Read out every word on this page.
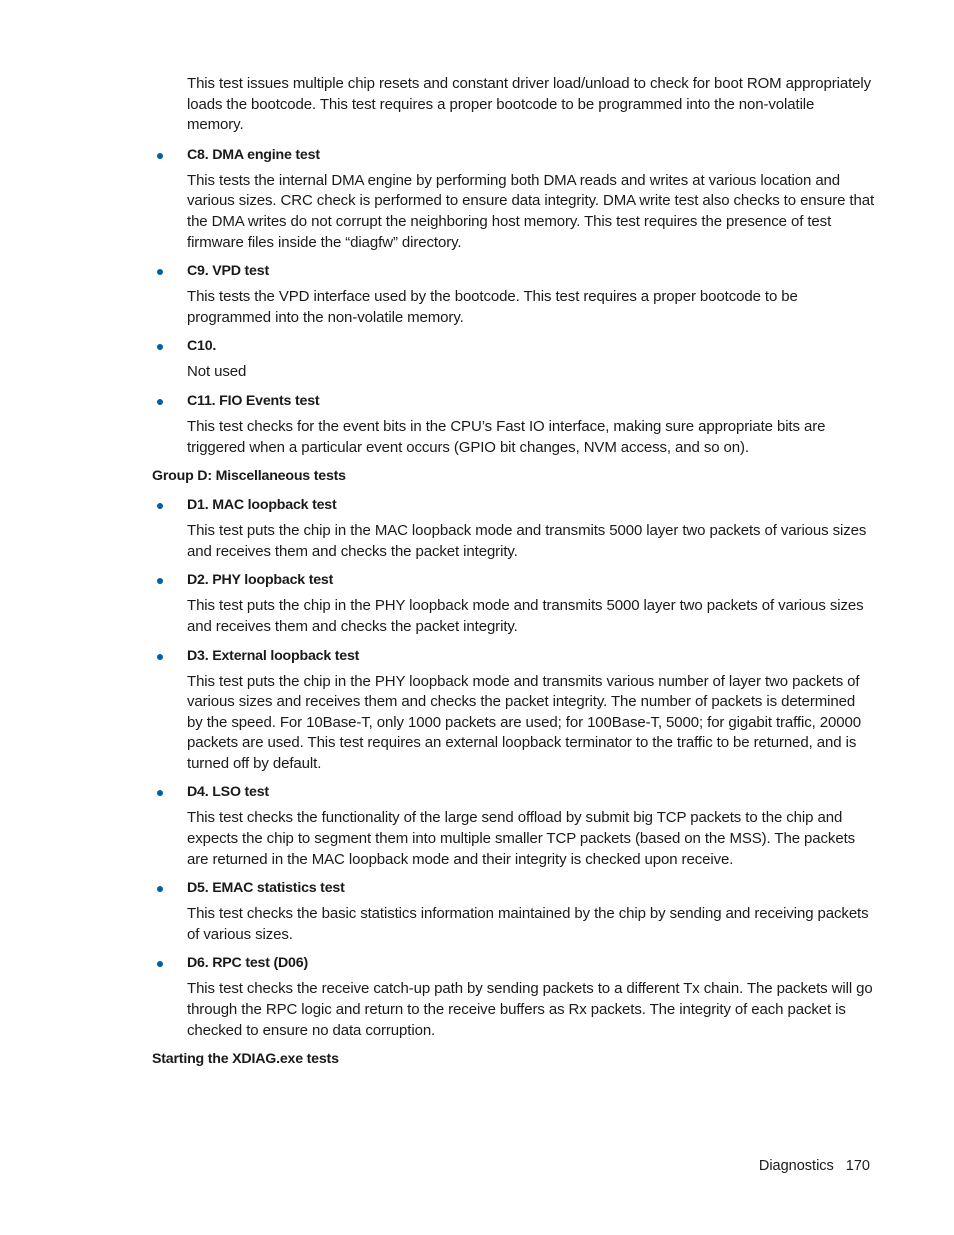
This test issues multiple chip resets and constant driver load/unload to check for boot ROM appropriately loads the bootcode. This test requires a proper bootcode to be programmed into the non-volatile memory.

● C8. DMA engine test

This tests the internal DMA engine by performing both DMA reads and writes at various location and various sizes. CRC check is performed to ensure data integrity. DMA write test also checks to ensure that the DMA writes do not corrupt the neighboring host memory. This test requires the presence of test firmware files inside the “diagfw” directory.

● C9. VPD test

This tests the VPD interface used by the bootcode. This test requires a proper bootcode to be programmed into the non-volatile memory.

● C10.

Not used

● C11. FIO Events test

This test checks for the event bits in the CPU’s Fast IO interface, making sure appropriate bits are triggered when a particular event occurs (GPIO bit changes, NVM access, and so on).

Group D: Miscellaneous tests
● D1. MAC loopback test

This test puts the chip in the MAC loopback mode and transmits 5000 layer two packets of various sizes and receives them and checks the packet integrity.

● D2. PHY loopback test

This test puts the chip in the PHY loopback mode and transmits 5000 layer two packets of various sizes and receives them and checks the packet integrity.

● D3. External loopback test

This test puts the chip in the PHY loopback mode and transmits various number of layer two packets of various sizes and receives them and checks the packet integrity. The number of packets is determined by the speed. For 10Base-T, only 1000 packets are used; for 100Base-T, 5000; for gigabit traffic, 20000 packets are used. This test requires an external loopback terminator to the traffic to be returned, and is turned off by default.

● D4. LSO test

This test checks the functionality of the large send offload by submit big TCP packets to the chip and expects the chip to segment them into multiple smaller TCP packets (based on the MSS). The packets are returned in the MAC loopback mode and their integrity is checked upon receive.

● D5. EMAC statistics test

This test checks the basic statistics information maintained by the chip by sending and receiving packets of various sizes.

● D6. RPC test (D06)

This test checks the receive catch-up path by sending packets to a different Tx chain. The packets will go through the RPC logic and return to the receive buffers as Rx packets. The integrity of each packet is checked to ensure no data corruption.

Starting the XDIAG.exe tests
Diagnostics 170
